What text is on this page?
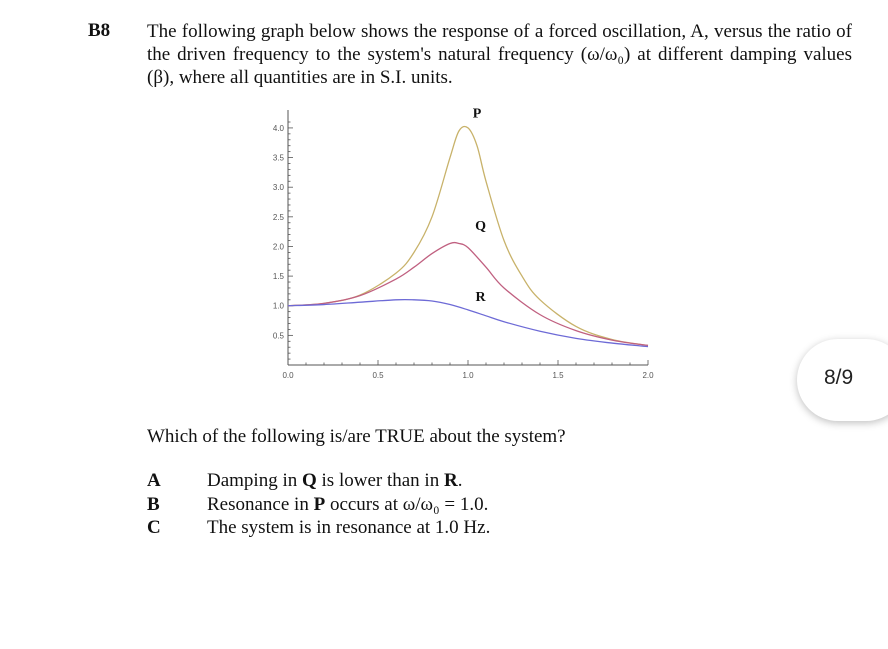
B8 The following graph below shows the response of a forced oscillation, A, versus the ratio of the driven frequency to the system's natural frequency (ω/ω₀) at different damping values (β), where all quantities are in S.I. units.
0.0	0.5	1.0	1.5	2.0
0.5
1.0
1.5
2.0
2.5
3.0
3.5
4.0
P
Q
R
8/9
Which of the following is/are TRUE about the system?
A Damping in Q is lower than in R.
B Resonance in P occurs at ω/ω₀ = 1.0.
C The system is in resonance at 1.0 Hz.
